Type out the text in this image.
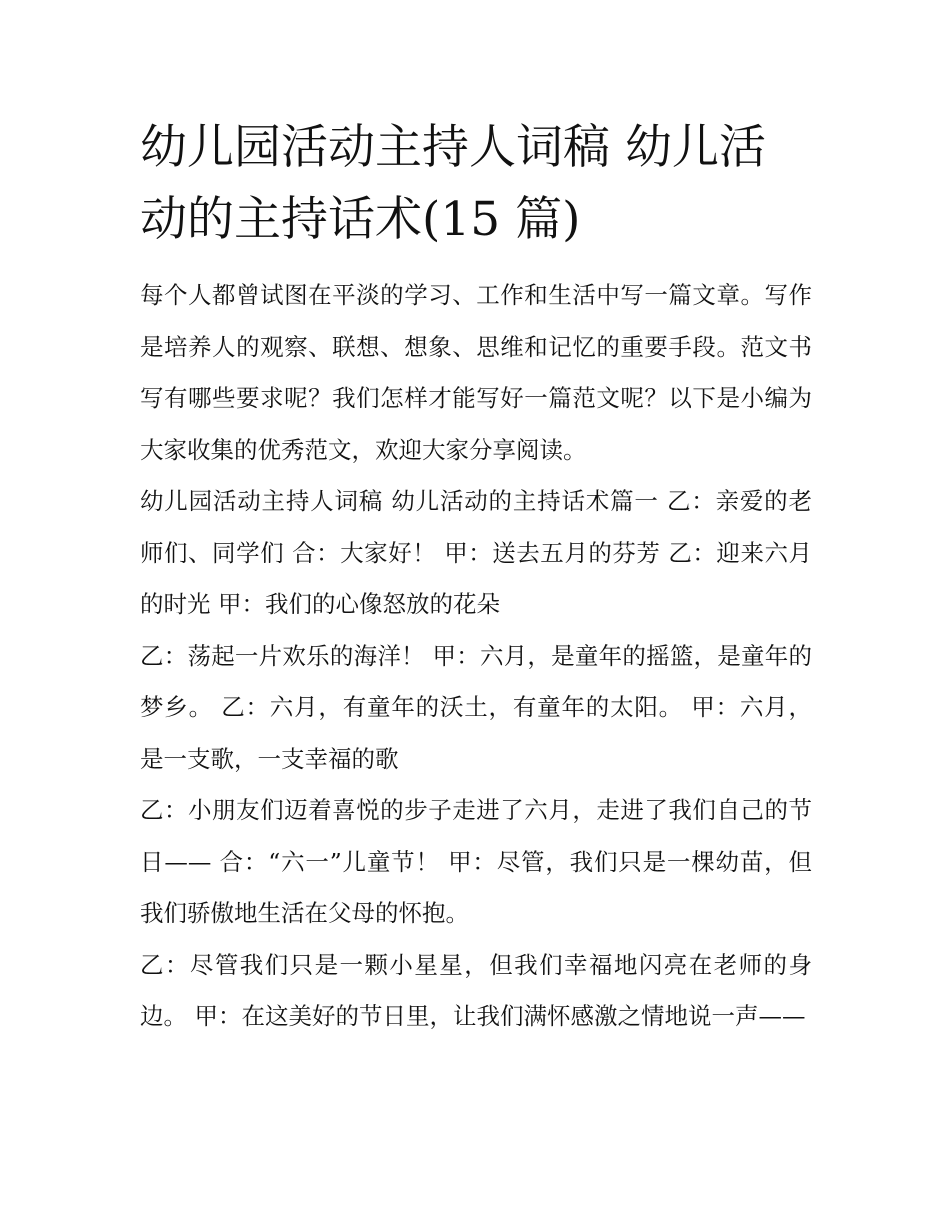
幼儿园活动主持人词稿 幼儿活动的主持话术(15 篇)

每个人都曾试图在平淡的学习、工作和生活中写一篇文章。写作是培养人的观察、联想、想象、思维和记忆的重要手段。范文书写有哪些要求呢？我们怎样才能写好一篇范文呢？以下是小编为大家收集的优秀范文，欢迎大家分享阅读。

幼儿园活动主持人词稿 幼儿活动的主持话术篇一 乙：亲爱的老师们、同学们 合：大家好！ 甲：送去五月的芬芳 乙：迎来六月的时光 甲：我们的心像怒放的花朵

乙：荡起一片欢乐的海洋！ 甲：六月，是童年的摇篮，是童年的梦乡。 乙：六月，有童年的沃土，有童年的太阳。 甲：六月，是一支歌，一支幸福的歌

乙：小朋友们迈着喜悦的步子走进了六月，走进了我们自己的节日—— 合：“六一”儿童节！ 甲：尽管，我们只是一棵幼苗，但我们骄傲地生活在父母的怀抱。

乙：尽管我们只是一颗小星星，但我们幸福地闪亮在老师的身边。 甲：在这美好的节日里，让我们满怀感激之情地说一声——
